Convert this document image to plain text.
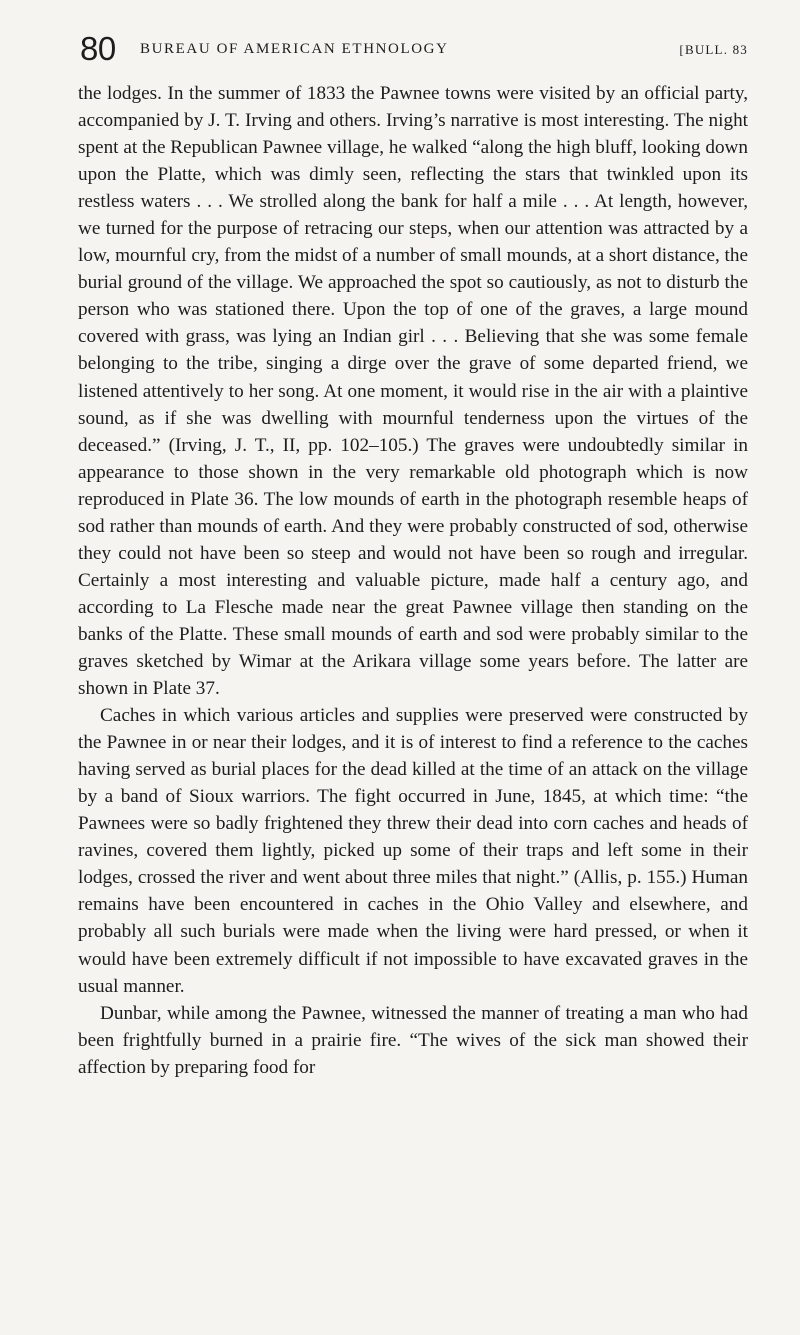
80 BUREAU OF AMERICAN ETHNOLOGY	[BULL. 83

the lodges. In the summer of 1833 the Pawnee towns were visited by an official party, accompanied by J. T. Irving and others. Irving’s narrative is most interesting. The night spent at the Republican Pawnee village, he walked “along the high bluff, looking down upon the Platte, which was dimly seen, reflecting the stars that twinkled upon its restless waters . . . We strolled along the bank for half a mile . . . At length, however, we turned for the purpose of retracing our steps, when our attention was attracted by a low, mournful cry, from the midst of a number of small mounds, at a short distance, the burial ground of the village. We approached the spot so cautiously, as not to disturb the person who was stationed there. Upon the top of one of the graves, a large mound covered with grass, was lying an Indian girl . . . Believing that she was some female belonging to the tribe, singing a dirge over the grave of some departed friend, we listened attentively to her song. At one moment, it would rise in the air with a plaintive sound, as if she was dwelling with mournful tenderness upon the virtues of the deceased.” (Irving, J. T., II, pp. 102–105.) The graves were undoubtedly similar in appearance to those shown in the very remarkable old photograph which is now reproduced in Plate 36. The low mounds of earth in the photograph resemble heaps of sod rather than mounds of earth. And they were probably constructed of sod, otherwise they could not have been so steep and would not have been so rough and irregular. Certainly a most interesting and valuable picture, made half a century ago, and according to La Flesche made near the great Pawnee village then standing on the banks of the Platte. These small mounds of earth and sod were probably similar to the graves sketched by Wimar at the Arikara village some years before. The latter are shown in Plate 37.

Caches in which various articles and supplies were preserved were constructed by the Pawnee in or near their lodges, and it is of interest to find a reference to the caches having served as burial places for the dead killed at the time of an attack on the village by a band of Sioux warriors. The fight occurred in June, 1845, at which time: “the Pawnees were so badly frightened they threw their dead into corn caches and heads of ravines, covered them lightly, picked up some of their traps and left some in their lodges, crossed the river and went about three miles that night.” (Allis, p. 155.) Human remains have been encountered in caches in the Ohio Valley and elsewhere, and probably all such burials were made when the living were hard pressed, or when it would have been extremely difficult if not impossible to have excavated graves in the usual manner.

Dunbar, while among the Pawnee, witnessed the manner of treating a man who had been frightfully burned in a prairie fire. “The wives of the sick man showed their affection by preparing food for
